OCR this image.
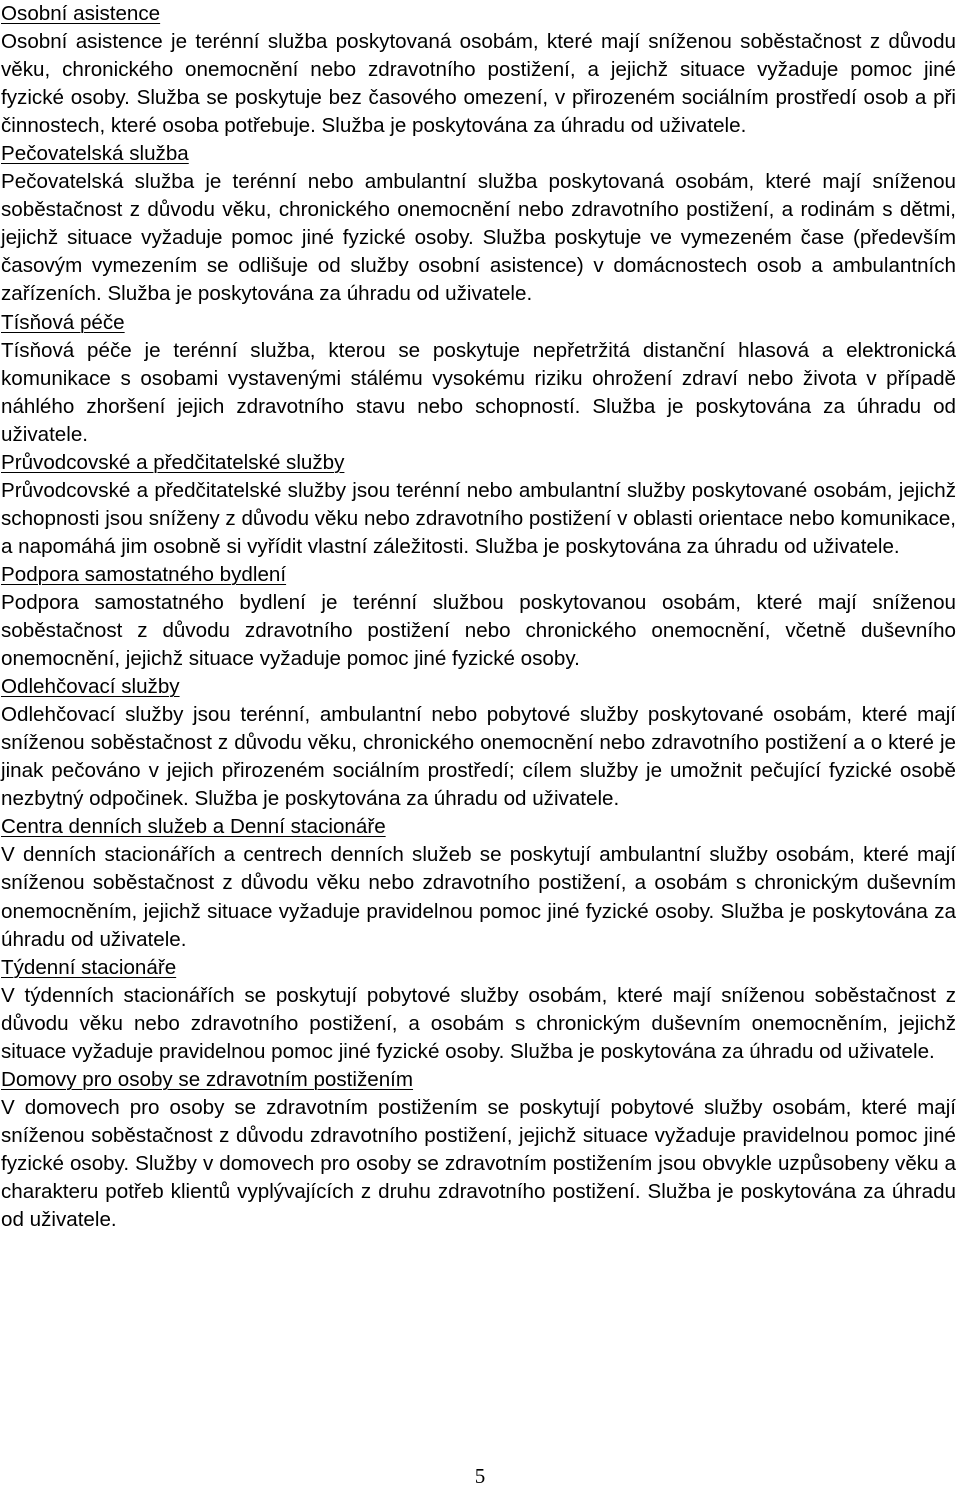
Osobní asistence
Osobní asistence je terénní služba poskytovaná osobám, které mají sníženou soběstačnost z důvodu věku, chronického onemocnění nebo zdravotního postižení, a jejichž situace vyžaduje pomoc jiné fyzické osoby. Služba se poskytuje bez časového omezení, v přirozeném sociálním prostředí osob a při činnostech, které osoba potřebuje. Služba je poskytována za úhradu od uživatele.
Pečovatelská služba
Pečovatelská služba je terénní nebo ambulantní služba poskytovaná osobám, které mají sníženou soběstačnost z důvodu věku, chronického onemocnění nebo zdravotního postižení, a rodinám s dětmi, jejichž situace vyžaduje pomoc jiné fyzické osoby. Služba poskytuje ve vymezeném čase (především časovým vymezením se odlišuje od služby osobní asistence) v domácnostech osob a ambulantních zařízeních. Služba je poskytována za úhradu od uživatele.
Tísňová péče
Tísňová péče je terénní služba, kterou se poskytuje nepřetržitá distanční hlasová a elektronická komunikace s osobami vystavenými stálému vysokému riziku ohrožení zdraví nebo života v případě náhlého zhoršení jejich zdravotního stavu nebo schopností. Služba je poskytována za úhradu od uživatele.
Průvodcovské a předčitatelské služby
Průvodcovské a předčitatelské služby jsou terénní nebo ambulantní služby poskytované osobám, jejichž schopnosti jsou sníženy z důvodu věku nebo zdravotního postižení v oblasti orientace nebo komunikace, a napomáhá jim osobně si vyřídit vlastní záležitosti. Služba je poskytována za úhradu od uživatele.
Podpora samostatného bydlení
Podpora samostatného bydlení je terénní službou poskytovanou osobám, které mají sníženou soběstačnost z důvodu zdravotního postižení nebo chronického onemocnění, včetně duševního onemocnění, jejichž situace vyžaduje pomoc jiné fyzické osoby.
Odlehčovací služby
Odlehčovací služby jsou terénní, ambulantní nebo pobytové služby poskytované osobám, které mají sníženou soběstačnost z důvodu věku, chronického onemocnění nebo zdravotního postižení a o které je jinak pečováno v jejich přirozeném sociálním prostředí; cílem služby je umožnit pečující fyzické osobě nezbytný odpočinek. Služba je poskytována za úhradu od uživatele.
Centra denních služeb a Denní stacionáře
V denních stacionářích a centrech denních služeb se poskytují ambulantní služby osobám, které mají sníženou soběstačnost z důvodu věku nebo zdravotního postižení, a osobám s chronickým duševním onemocněním, jejichž situace vyžaduje pravidelnou pomoc jiné fyzické osoby. Služba je poskytována za úhradu od uživatele.
Týdenní stacionáře
V týdenních stacionářích se poskytují pobytové služby osobám, které mají sníženou soběstačnost z důvodu věku nebo zdravotního postižení, a osobám s chronickým duševním onemocněním, jejichž situace vyžaduje pravidelnou pomoc jiné fyzické osoby. Služba je poskytována za úhradu od uživatele.
Domovy pro osoby se zdravotním postižením
V domovech pro osoby se zdravotním postižením se poskytují pobytové služby osobám, které mají sníženou soběstačnost z důvodu zdravotního postižení, jejichž situace vyžaduje pravidelnou pomoc jiné fyzické osoby. Služby v domovech pro osoby se zdravotním postižením jsou obvykle uzpůsobeny věku a charakteru potřeb klientů vyplývajících z druhu zdravotního postižení. Služba je poskytována za úhradu od uživatele.
5
